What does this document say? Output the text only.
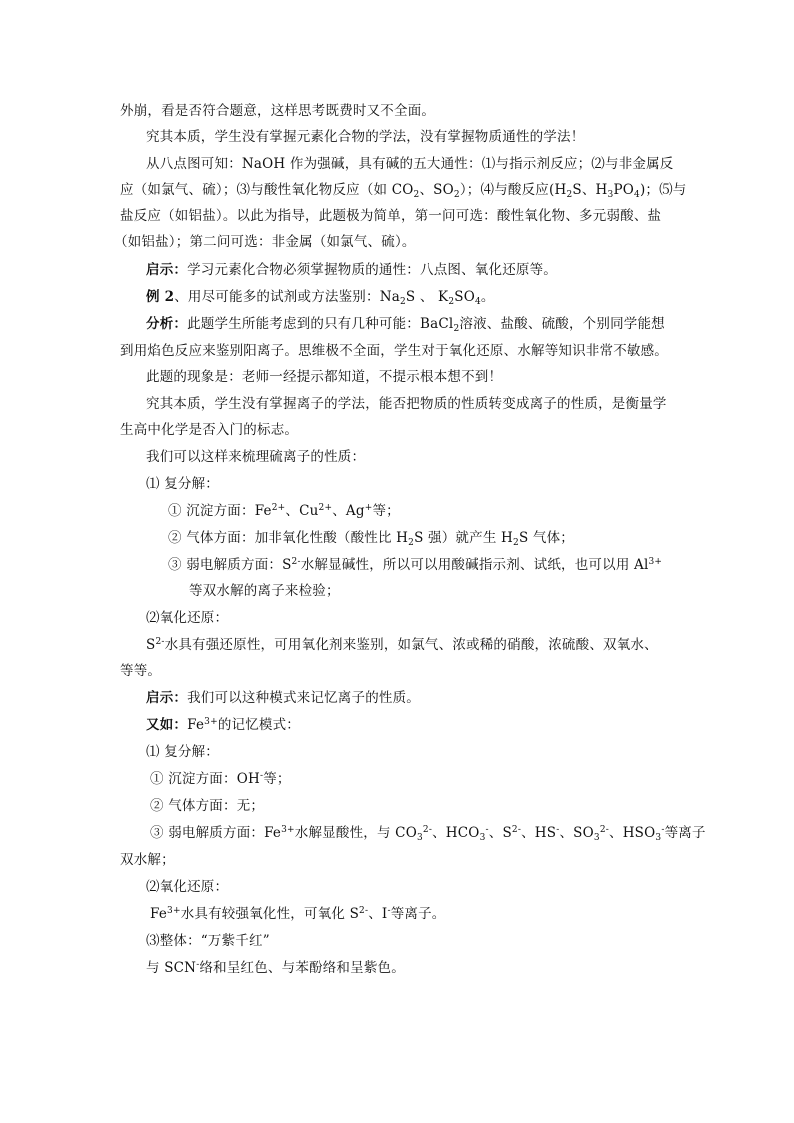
外崩，看是否符合题意，这样思考既费时又不全面。
究其本质，学生没有掌握元素化合物的学法，没有掌握物质通性的学法！
从八点图可知：NaOH 作为强碱，具有碱的五大通性：⑴与指示剂反应；⑵与非金属反
应（如氯气、硫）；⑶与酸性氧化物反应（如 $CO_2$、$SO_2$）；⑷与酸反应($H_2S$、$H_3PO_4$)；⑸与
盐反应（如铝盐）。以此为指导，此题极为简单，第一问可选：酸性氧化物、多元弱酸、盐
（如铝盐）；第二问可选：非金属（如氯气、硫）。
启示：学习元素化合物必须掌握物质的通性：八点图、氧化还原等。
例 2、用尽可能多的试剂或方法鉴别：$Na_2S$ 、 $K_2SO_4$。
分析：此题学生所能考虑到的只有几种可能：BaCl$_2$溶液、盐酸、硫酸，个别同学能想
到用焰色反应来鉴别阳离子。思维极不全面，学生对于氧化还原、水解等知识非常不敏感。
此题的现象是：老师一经提示都知道，不提示根本想不到！
究其本质，学生没有掌握离子的学法，能否把物质的性质转变成离子的性质，是衡量学
生高中化学是否入门的标志。
我们可以这样来梳理硫离子的性质：
⑴ 复分解：
① 沉淀方面：$Fe^{2+}$、$Cu^{2+}$、Ag+等；
② 气体方面：加非氧化性酸（酸性比 $H_2S$ 强）就产生 $H_2S$ 气体；
③ 弱电解质方面：$S^{2-}$水解显碱性，所以可以用酸碱指示剂、试纸，也可以用 $Al^{3+}$
等双水解的离子来检验；
⑵氧化还原：
$S^{2-}$水具有强还原性，可用氧化剂来鉴别，如氯气、浓或稀的硝酸，浓硫酸、双氧水、
等等。
启示：我们可以这种模式来记忆离子的性质。
又如：$Fe^{3+}$的记忆模式：
⑴ 复分解：
① 沉淀方面：OH-等；
② 气体方面：无；
③ 弱电解质方面：$Fe^{3+}$水解显酸性，与 $CO_3^{2-}$、$HCO_3^-$、$S^{2-}$、HS-、$SO_3^{2-}$、$HSO_3^-$等离子
双水解；
⑵氧化还原：
$Fe^{3+}$水具有较强氧化性，可氧化 $S^{2-}$、I-等离子。
⑶整体：“万紫千红”
与 SCN-络和呈红色、与苯酚络和呈紫色。
